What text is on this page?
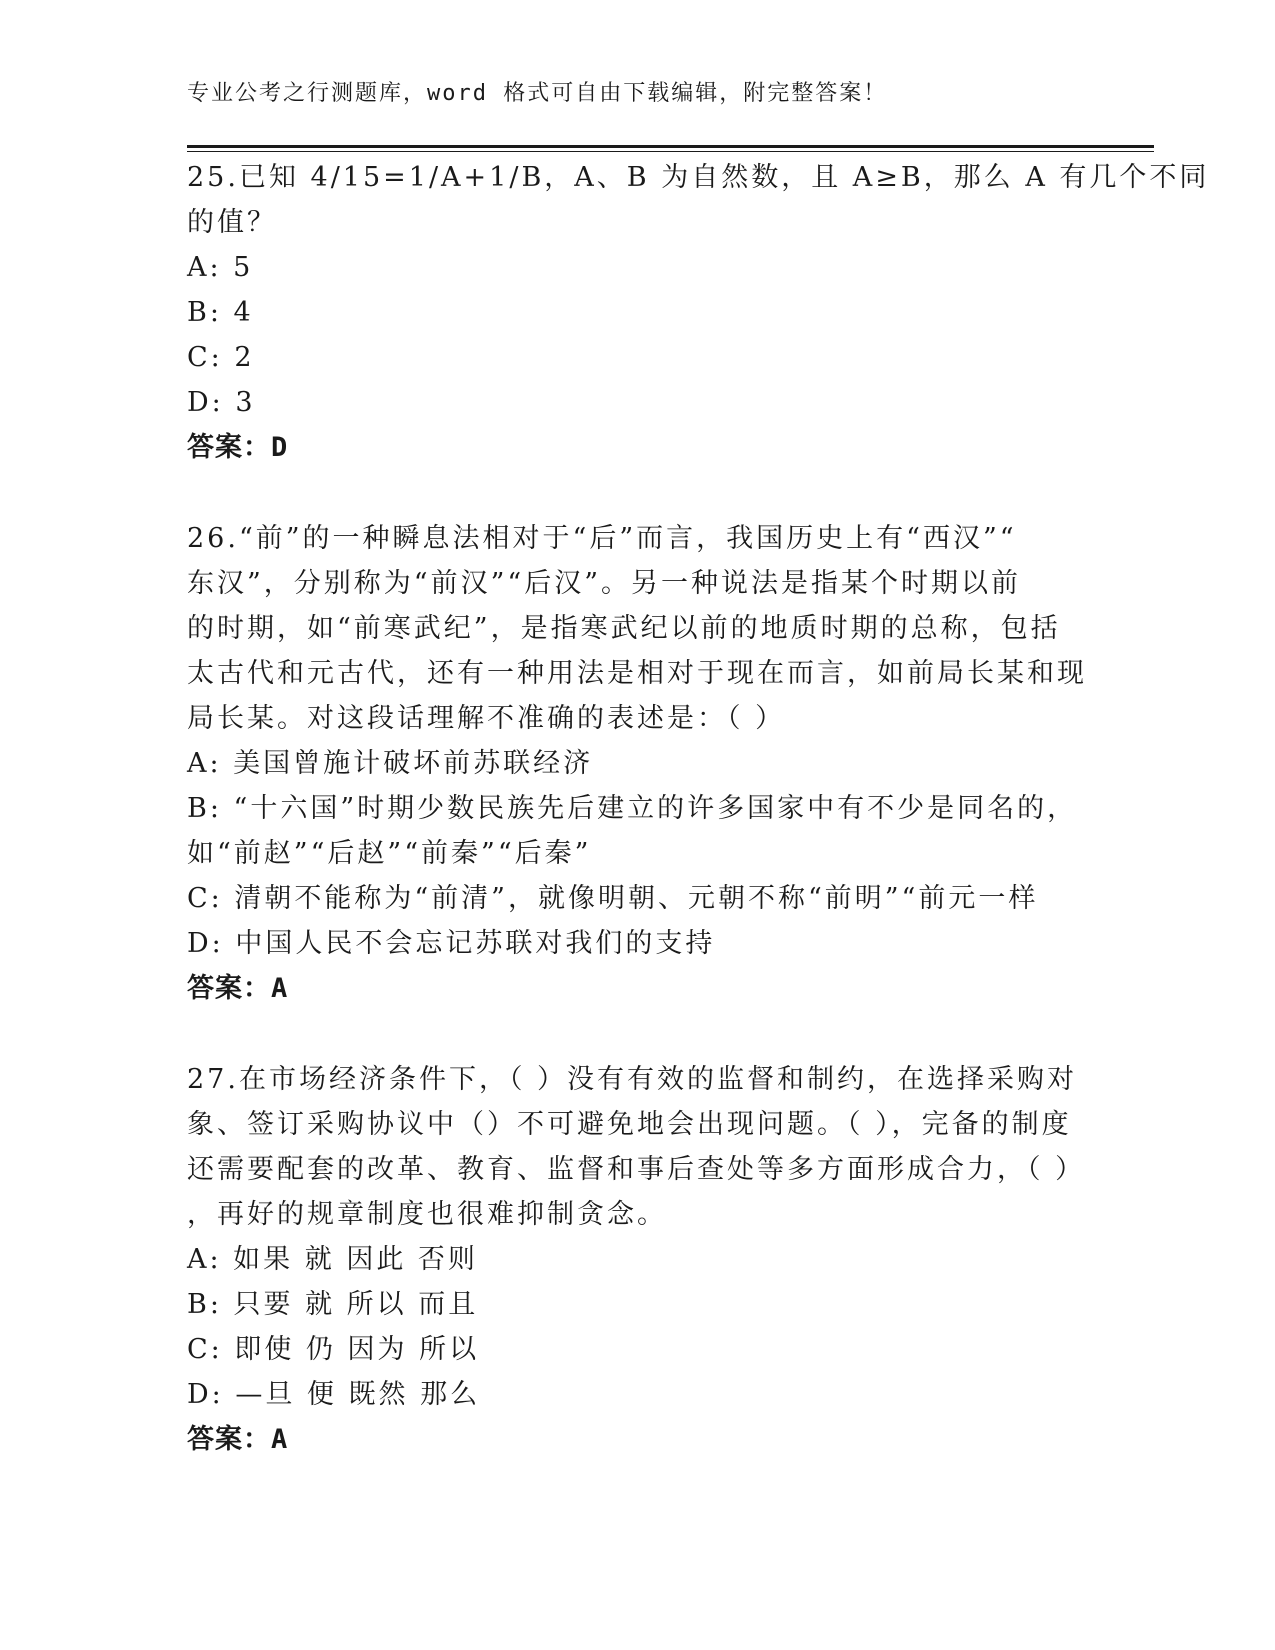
专业公考之行测题库，word 格式可自由下载编辑，附完整答案！
25.已知 4/15=1/A+1/B，A、B 为自然数，且 A≥B，那么 A 有几个不同
的值？
A: 5
B: 4
C: 2
D: 3
答案：D
26.“前”的一种瞬息法相对于“后”而言，我国历史上有“西汉”“
东汉”，分别称为“前汉”“后汉”。另一种说法是指某个时期以前
的时期，如“前寒武纪”，是指寒武纪以前的地质时期的总称，包括
太古代和元古代，还有一种用法是相对于现在而言，如前局长某和现
局长某。对这段话理解不准确的表述是：（ ）
A: 美国曾施计破坏前苏联经济
B: “十六国”时期少数民族先后建立的许多国家中有不少是同名的，
如“前赵”“后赵”“前秦”“后秦”
C: 清朝不能称为“前清”，就像明朝、元朝不称“前明”“前元一样
D: 中国人民不会忘记苏联对我们的支持
答案：A
27.在市场经济条件下，（ ）没有有效的监督和制约，在选择采购对
象、签订采购协议中（）不可避免地会出现问题。（ ），完备的制度
还需要配套的改革、教育、监督和事后查处等多方面形成合力，（ ）
，再好的规章制度也很难抑制贪念。
A: 如果 就 因此 否则
B: 只要 就 所以 而且
C: 即使 仍 因为 所以
D: —旦 便 既然 那么
答案：A
